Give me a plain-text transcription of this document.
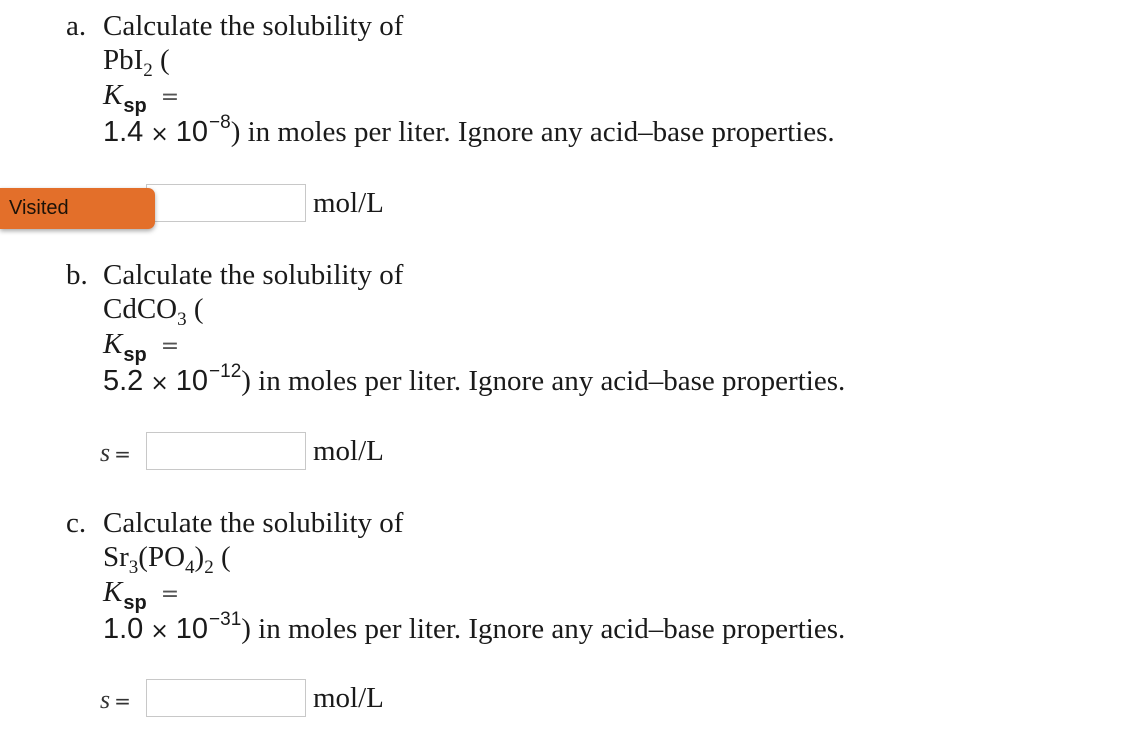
Visited
a. Calculate the solubility of
PbI$_2$ (
$K_{sp}$ =
$1.4 \times 10^{-8}$) in moles per liter. Ignore any acid–base properties.
mol/L
b. Calculate the solubility of
CdCO$_3$ (
$K_{sp}$ =
$5.2 \times 10^{-12}$) in moles per liter. Ignore any acid–base properties.
s =	mol/L
c. Calculate the solubility of
$Sr_3(PO_4)_2$ (
$K_{sp}$ =
$1.0 \times 10^{-31}$) in moles per liter. Ignore any acid–base properties.
s =	mol/L
